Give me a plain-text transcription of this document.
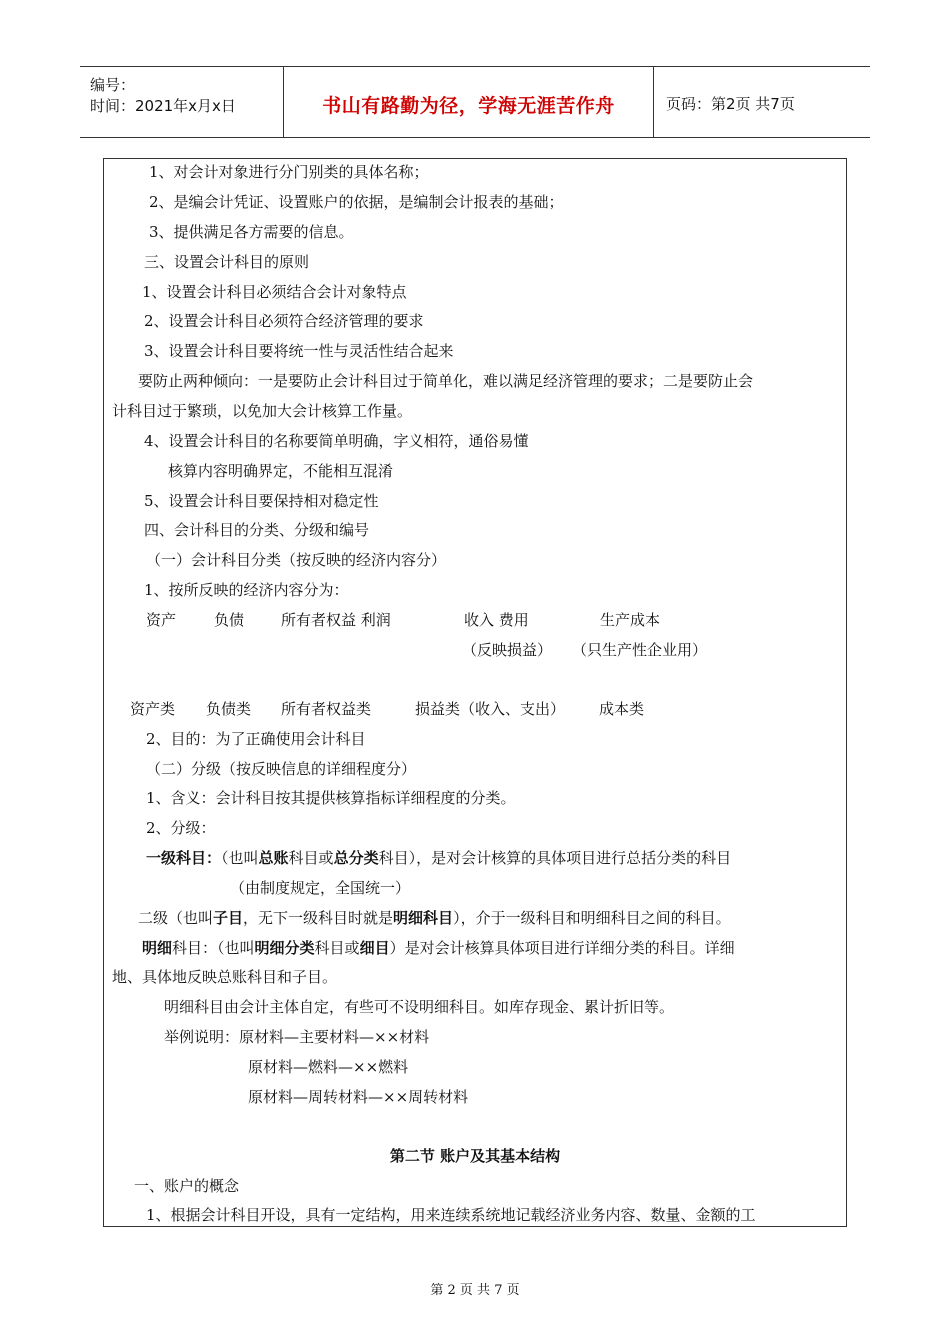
编号：
时间：2021年x月x日	书山有路勤为径，学海无涯苦作舟	页码：第2页 共7页
1、对会计对象进行分门别类的具体名称；
2、是编会计凭证、设置账户的依据，是编制会计报表的基础；
3、提供满足各方需要的信息。
三、设置会计科目的原则
1、设置会计科目必须结合会计对象特点
2、设置会计科目必须符合经济管理的要求
3、设置会计科目要将统一性与灵活性结合起来
要防止两种倾向：一是要防止会计科目过于简单化，难以满足经济管理的要求；二是要防止会
计科目过于繁琐，以免加大会计核算工作量。
4、设置会计科目的名称要简单明确，字义相符，通俗易懂
核算内容明确界定，不能相互混淆
5、设置会计科目要保持相对稳定性
四、会计科目的分类、分级和编号
（一）会计科目分类（按反映的经济内容分）
1、按所反映的经济内容分为：
资产	负债 所有者权益 利润	收入 费用	生产成本
（反映损益） （只生产性企业用）
资产类 负债类 所有者权益类	损益类（收入、支出） 成本类
2、目的：为了正确使用会计科目
（二）分级（按反映信息的详细程度分）
1、含义：会计科目按其提供核算指标详细程度的分类。
2、分级：
一级科目：（也叫总账科目或总分类科目），是对会计核算的具体项目进行总括分类的科目
（由制度规定，全国统一）
二级（也叫子目，无下一级科目时就是明细科目），介于一级科目和明细科目之间的科目。
明细科目：（也叫明细分类科目或细目）是对会计核算具体项目进行详细分类的科目。详细
地、具体地反映总账科目和子目。
明细科目由会计主体自定，有些可不设明细科目。如库存现金、累计折旧等。
举例说明：原材料—主要材料—××材料
原材料—燃料—××燃料
原材料—周转材料—××周转材料
第二节 账户及其基本结构
一、账户的概念
1、根据会计科目开设，具有一定结构，用来连续系统地记载经济业务内容、数量、金额的工
第 2 页 共 7 页
